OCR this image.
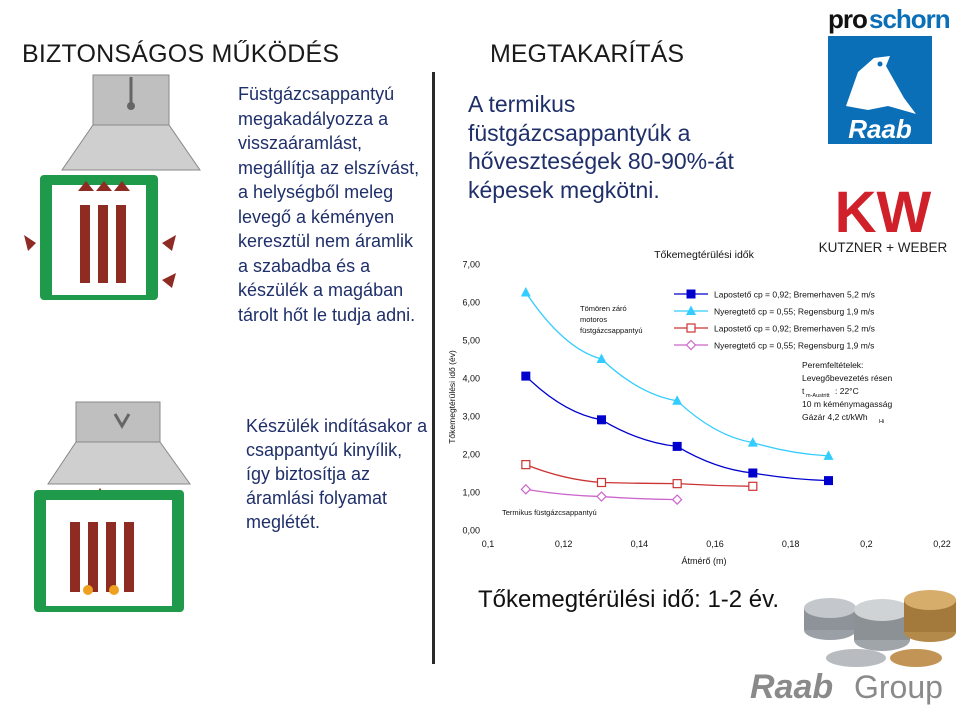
BIZTONSÁGOS MŰKÖDÉS	MEGTAKARÍTÁS
Füstgázcsappantyú megakadályozza a visszaáramlást, megállítja az elszívást, a helységből meleg levegő a kéményen keresztül nem áramlik a szabadba és a készülék a magában tárolt hőt le tudja adni.
Készülék indításakor a csappantyú kinyílik, így biztosítja az áramlási folyamat meglétét.
A termikus füstgázcsappantyúk a hőveszteségek 80-90%-át képesek megkötni.
Tőkemegtérülési idő: 1-2 év.
Tőkemegtérülési idők
0,00
1,00
2,00
3,00
4,00
5,00
6,00
7,00
0,1	0,12	0,14	0,16	0,18	0,2	0,22
Átmérő (m)
Tőkemegtérülési idő (év)
Lapostető cp = 0,92; Bremerhaven 5,2 m/s
Nyeregtető cp = 0,55; Regensburg 1,9 m/s
Lapostető cp = 0,92; Bremerhaven 5,2 m/s
Nyeregtető cp = 0,55; Regensburg 1,9 m/s
Tömören záró
motoros
füstgázcsappantyú
Termikus füstgázcsappantyú
Peremfeltételek:
Levegőbevezetés résen
t m-Austritt : 22°C
10 m kéménymagasság
Gázár 4,2 ct/kWh Hi
pro schorn
Raab
KW
KUTZNER + WEBER
Raab Group
